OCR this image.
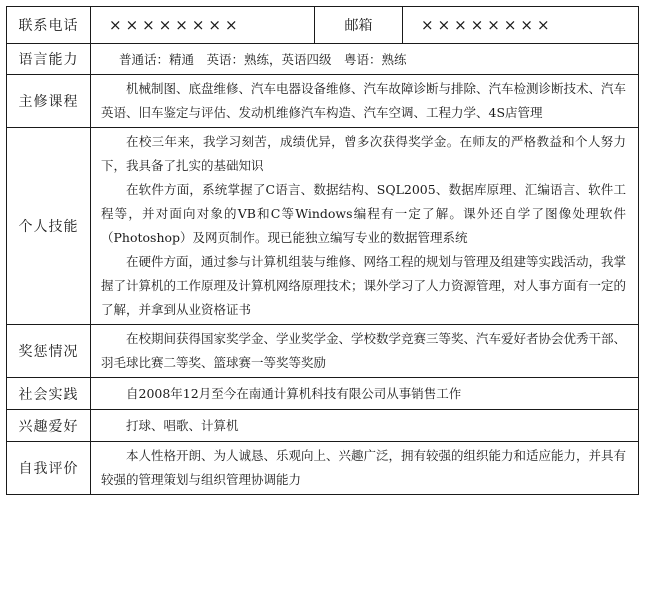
联系电话	××××××××	邮箱	××××××××
语言能力	普通话：精通　英语：熟练，英语四级　粤语：熟练		
主修课程	机械制图、底盘维修、汽车电器设备维修、汽车故障诊断与排除、汽车检测诊断技术、汽车英语、旧车鉴定与评估、发动机维修汽车构造、汽车空调、工程力学、4S店管理		

个人技能	在校三年来，我学习刻苦，成绩优异，曾多次获得奖学金。在师友的严格教益和个人努力下，我具备了扎实的基础知识

在软件方面，系统掌握了C语言、数据结构、SQL2005、数据库原理、汇编语言、软件工程等，并对面向对象的VB和C等Windows编程有一定了解。课外还自学了图像处理软件（Photoshop）及网页制作。现已能独立编写专业的数据管理系统

在硬件方面，通过参与计算机组装与维修、网络工程的规划与管理及组建等实践活动，我掌握了计算机的工作原理及计算机网络原理技术；课外学习了人力资源管理，对人事方面有一定的了解，并拿到从业资格证书		

奖惩情况	在校期间获得国家奖学金、学业奖学金、学校数学竞赛三等奖、汽车爱好者协会优秀干部、羽毛球比赛二等奖、篮球赛一等奖等奖励		

社会实践	自2008年12月至今在南通计算机科技有限公司从事销售工作		

兴趣爱好	打球、唱歌、计算机		

自我评价	本人性格开朗、为人诚恳、乐观向上、兴趣广泛，拥有较强的组织能力和适应能力，并具有较强的管理策划与组织管理协调能力		
